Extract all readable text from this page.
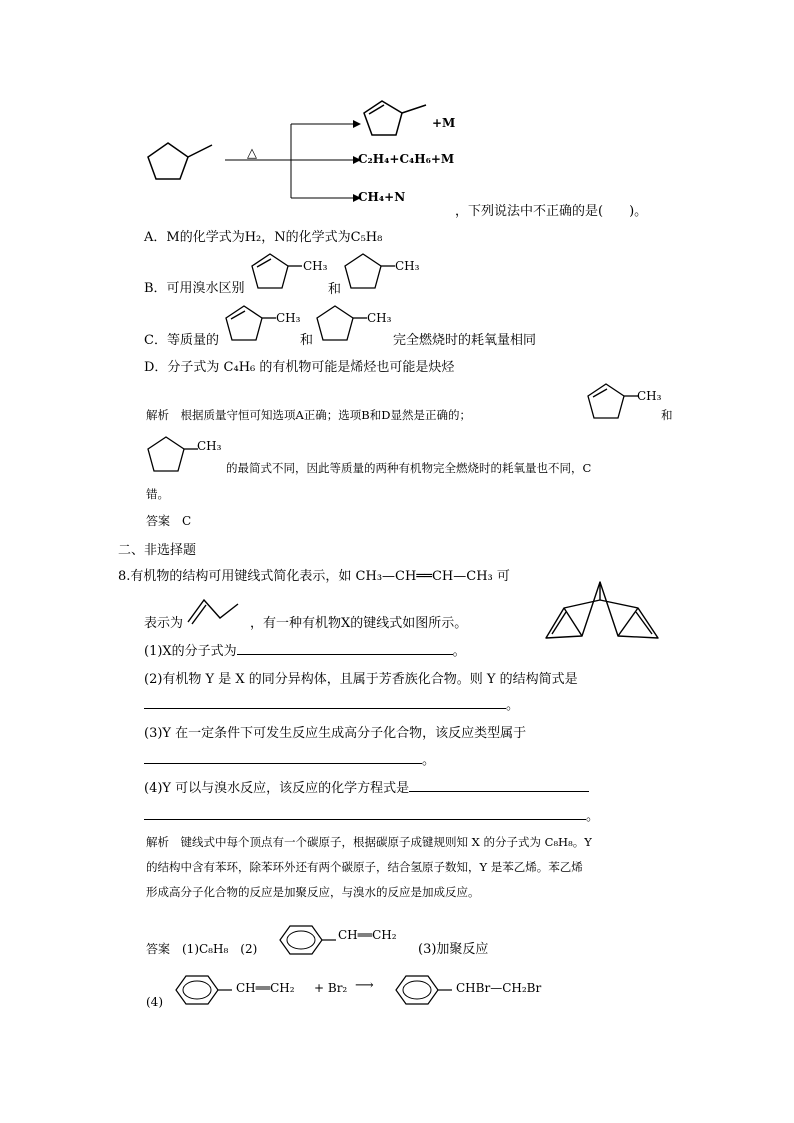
△
+M
C₂H₄+C₄H₆+M
CH₄+N
，下列说法中不正确的是(　　)。
A．M的化学式为H₂，N的化学式为C₅H₈
B．可用溴水区别
CH₃
和
CH₃
C．等质量的
CH₃
和
CH₃
完全燃烧时的耗氧量相同
D．分子式为 C₄H₆ 的有机物可能是烯烃也可能是炔烃
解析　根据质量守恒可知选项A正确；选项B和D显然是正确的；
CH₃
和
CH₃
的最简式不同，因此等质量的两种有机物完全燃烧时的耗氧量也不同，C
错。
答案　C
二、非选择题
8.有机物的结构可用键线式简化表示，如 CH₃—CH══CH—CH₃ 可
表示为	，有一种有机物X的键线式如图所示。
(1)X的分子式为	。
(2)有机物 Y 是 X 的同分异构体，且属于芳香族化合物。则 Y 的结构简式是
。
(3)Y 在一定条件下可发生反应生成高分子化合物，该反应类型属于
。
(4)Y 可以与溴水反应，该反应的化学方程式是
。
解析　键线式中每个顶点有一个碳原子，根据碳原子成键规则知 X 的分子式为 C₈H₈。Y
的结构中含有苯环，除苯环外还有两个碳原子，结合氢原子数知，Y 是苯乙烯。苯乙烯
形成高分子化合物的反应是加聚反应，与溴水的反应是加成反应。
答案　(1)C₈H₈　(2)
CH══CH₂
(3)加聚反应
(4)
CH══CH₂ + Br₂ ⟶	CHBr—CH₂Br
